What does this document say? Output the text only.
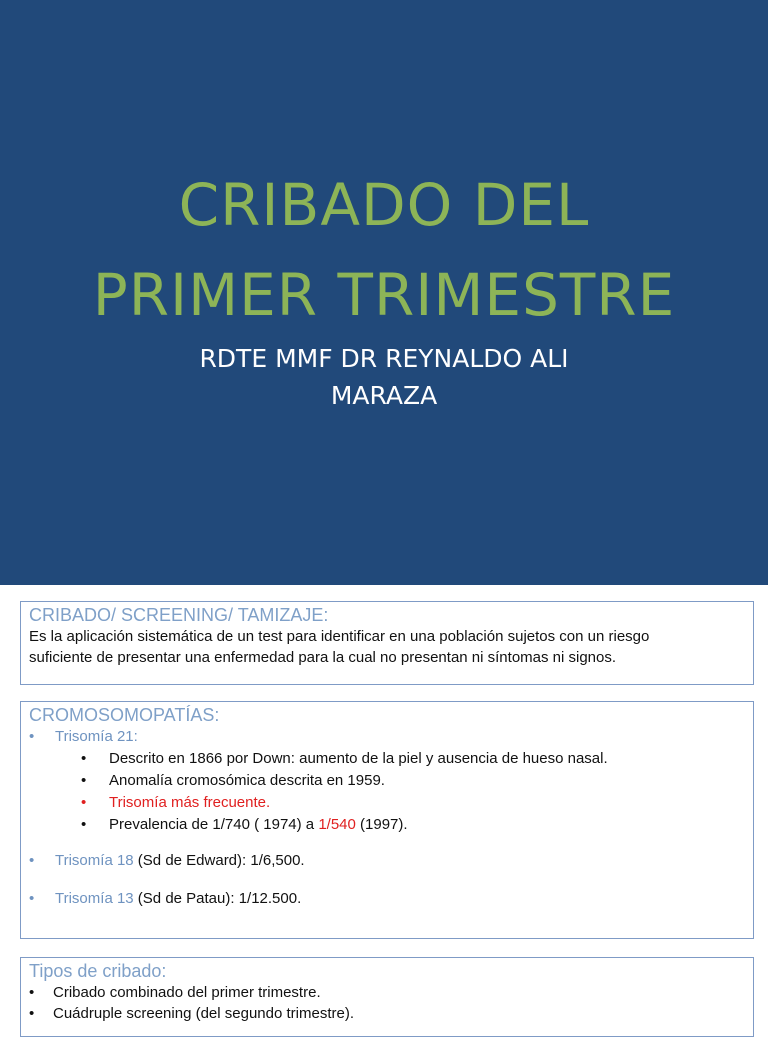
CRIBADO DEL
PRIMER TRIMESTRE
RDTE MMF DR REYNALDO ALI
MARAZA
CRIBADO/ SCREENING/ TAMIZAJE:
Es la aplicación sistemática de un test para identificar en una población sujetos con un riesgo
suficiente de presentar una enfermedad para la cual no presentan ni síntomas ni signos.
CROMOSOMOPATÍAS:
• Trisomía 21:
• Descrito en 1866 por Down: aumento de la piel y ausencia de hueso nasal.
• Anomalía cromosómica descrita en 1959.
• Trisomía más frecuente.
• Prevalencia de 1/740 ( 1974) a 1/540 (1997).
• Trisomía 18 (Sd de Edward): 1/6,500.
• Trisomía 13 (Sd de Patau): 1/12.500.
Tipos de cribado:
• Cribado combinado del primer trimestre.
• Cuádruple screening (del segundo trimestre).
